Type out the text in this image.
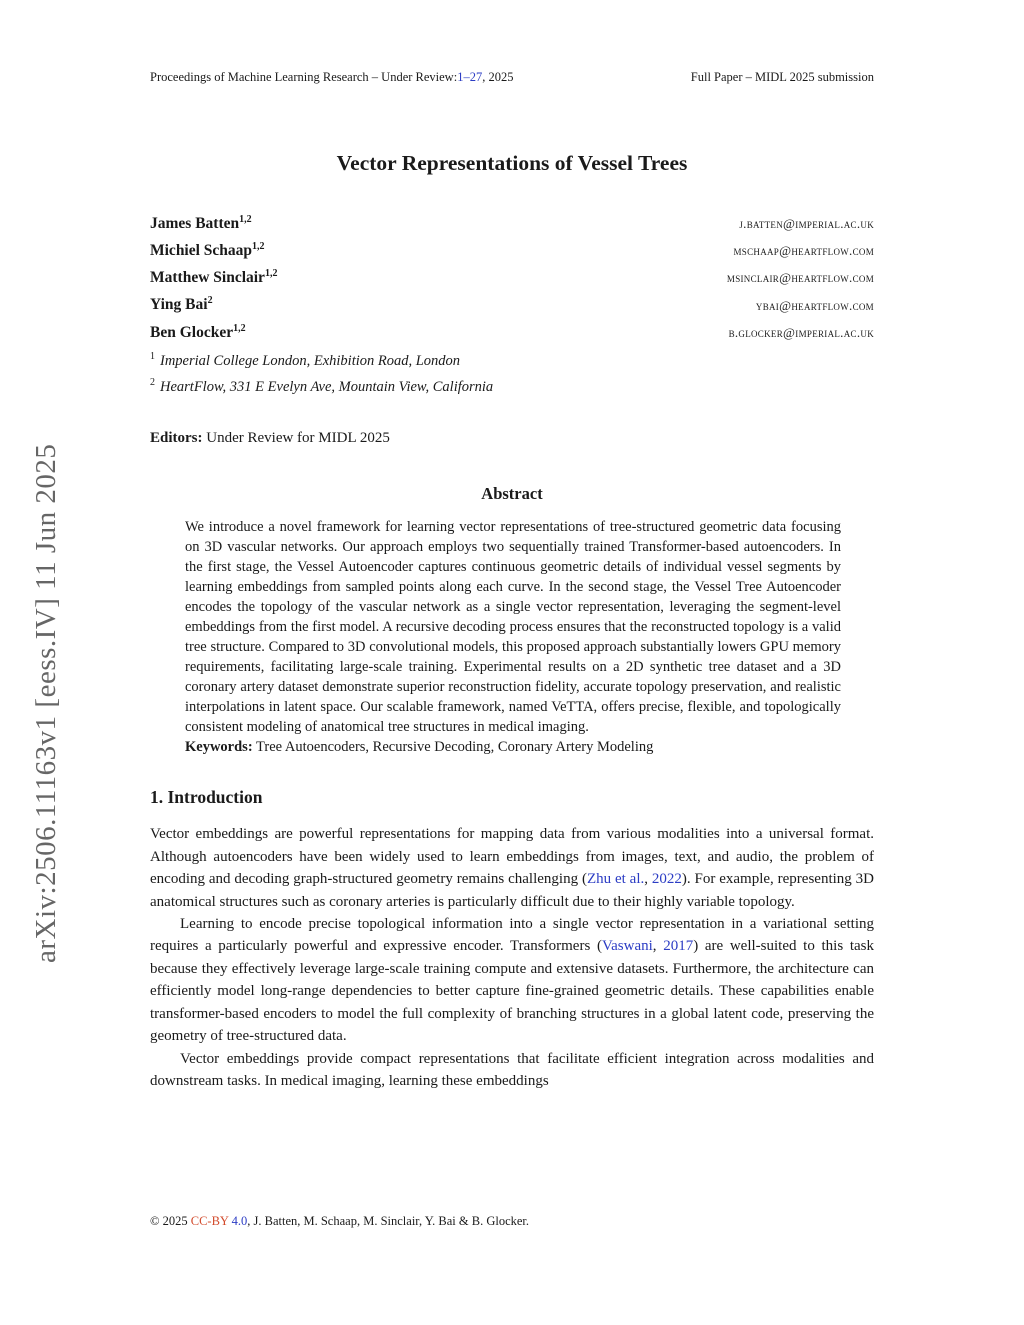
arXiv:2506.11163v1 [eess.IV] 11 Jun 2025
Proceedings of Machine Learning Research – Under Review:1–27, 2025	Full Paper – MIDL 2025 submission
Vector Representations of Vessel Trees
James Batten$^{1,2}$	j.batten@imperial.ac.uk
Michiel Schaap$^{1,2}$	mschaap@heartflow.com
Matthew Sinclair$^{1,2}$	msinclair@heartflow.com
Ying Bai$^2$	ybai@heartflow.com
Ben Glocker$^{1,2}$	b.glocker@imperial.ac.uk
$^1$ Imperial College London, Exhibition Road, London
$^2$ HeartFlow, 331 E Evelyn Ave, Mountain View, California
Editors: Under Review for MIDL 2025
Abstract
We introduce a novel framework for learning vector representations of tree-structured geometric data focusing on 3D vascular networks. Our approach employs two sequentially trained Transformer-based autoencoders. In the first stage, the Vessel Autoencoder captures continuous geometric details of individual vessel segments by learning embeddings from sampled points along each curve. In the second stage, the Vessel Tree Autoencoder encodes the topology of the vascular network as a single vector representation, leveraging the segment-level embeddings from the first model. A recursive decoding process ensures that the reconstructed topology is a valid tree structure. Compared to 3D convolutional models, this proposed approach substantially lowers GPU memory requirements, facilitating large-scale training. Experimental results on a 2D synthetic tree dataset and a 3D coronary artery dataset demonstrate superior reconstruction fidelity, accurate topology preservation, and realistic interpolations in latent space. Our scalable framework, named VeTTA, offers precise, flexible, and topologically consistent modeling of anatomical tree structures in medical imaging.
Keywords: Tree Autoencoders, Recursive Decoding, Coronary Artery Modeling
1. Introduction

Vector embeddings are powerful representations for mapping data from various modalities into a universal format. Although autoencoders have been widely used to learn embeddings from images, text, and audio, the problem of encoding and decoding graph-structured geometry remains challenging (Zhu et al., 2022). For example, representing 3D anatomical structures such as coronary arteries is particularly difficult due to their highly variable topology.

Learning to encode precise topological information into a single vector representation in a variational setting requires a particularly powerful and expressive encoder. Transformers (Vaswani, 2017) are well-suited to this task because they effectively leverage large-scale training compute and extensive datasets. Furthermore, the architecture can efficiently model long-range dependencies to better capture fine-grained geometric details. These capabilities enable transformer-based encoders to model the full complexity of branching structures in a global latent code, preserving the geometry of tree-structured data.

Vector embeddings provide compact representations that facilitate efficient integration across modalities and downstream tasks. In medical imaging, learning these embeddings

© 2025 CC-BY 4.0, J. Batten, M. Schaap, M. Sinclair, Y. Bai & B. Glocker.
